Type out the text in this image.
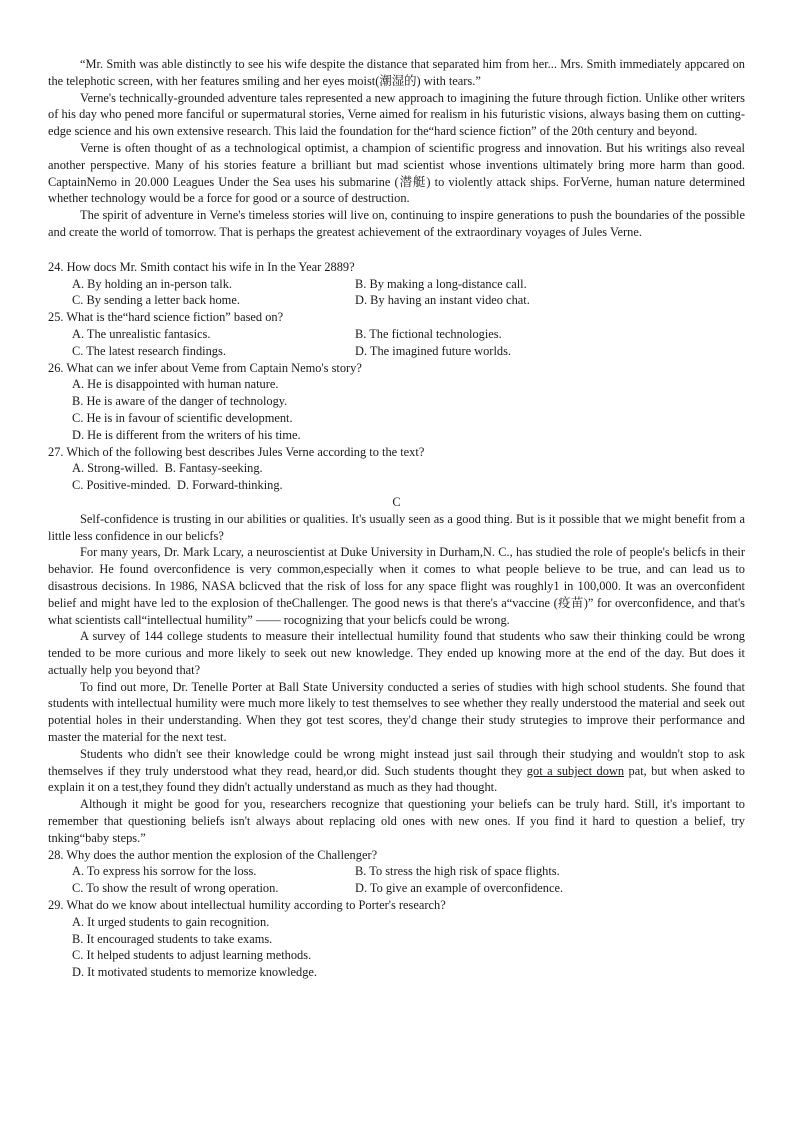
“Mr. Smith was able distinctly to see his wife despite the distance that separated him from her... Mrs. Smith immediately appcared on the telephotic screen, with her features smiling and her eyes moist(潮湿的) with tears.”

Verne's technically-grounded adventure tales represented a new approach to imagining the future through fiction. Unlike other writers of his day who pened more fanciful or supermatural stories, Verne aimed for realism in his futuristic visions, always basing them on cutting-edge science and his own extensive research. This laid the foundation for the“hard science fiction” of the 20th century and beyond.

Verne is often thought of as a technological optimist, a champion of scientific progress and innovation. But his writings also reveal another perspective. Many of his stories feature a brilliant but mad scientist whose inventions ultimately bring more harm than good. CaptainNemo in 20.000 Leagues Under the Sea uses his submarine (潜艇) to violently attack ships. ForVerne, human nature determined whether technology would be a force for good or a source of destruction.

The spirit of adventure in Verne's timeless stories will live on, continuing to inspire generations to push the boundaries of the possible and create the world of tomorrow. That is perhaps the greatest achievement of the extraordinary voyages of Jules Verne.

24. How docs Mr. Smith contact his wife in In the Year 2889?

A. By holding an in-person talk.	B. By making a long-distance call.
C. By sending a letter back home.	D. By having an instant video chat.

25. What is the“hard science fiction” based on?

A. The unrealistic fantasics.	B. The fictional technologies.
C. The latest research findings.	D. The imagined future worlds.

26. What can we infer about Veme from Captain Nemo's story?

A. He is disappointed with human nature.
B. He is aware of the danger of technology.
C. He is in favour of scientific development.
D. He is different from the writers of his time.

27. Which of the following best describes Jules Verne according to the text?

A. Strong-willed.  B. Fantasy-seeking.
C. Positive-minded.  D. Forward-thinking.

C

Self-confidence is trusting in our abilities or qualities. It's usually seen as a good thing. But is it possible that we might benefit from a little less confidence in our belicfs?

For many years, Dr. Mark Lcary, a neuroscientist at Duke University in Durham,N. C., has studied the role of people's belicfs in their behavior. He found overconfidence is very common,especially when it comes to what people believe to be true, and can lead us to disastrous decisions. In 1986, NASA bclicved that the risk of loss for any space flight was roughly1 in 100,000. It was an overconfident belief and might have led to the explosion of theChallenger. The good news is that there's a“vaccine (疫苗)” for overconfidence, and that's what scientists call“intellectual humility” —— rocognizing that your belicfs could be wrong.

A survey of 144 college students to measure their intellectual humility found that students who saw their thinking could be wrong tended to be more curious and more likely to seek out new knowledge. They ended up knowing more at the end of the day. But does it actually help you beyond that?

To find out more, Dr. Tenelle Porter at Ball State University conducted a series of studies with high school students. She found that students with intellectual humility were much more likely to test themselves to see whether they really understood the material and seek out potential holes in their understanding. When they got test scores, they'd change their study strutegies to improve their performance and master the material for the next test.

Students who didn't see their knowledge could be wrong might instead just sail through their studying and wouldn't stop to ask themselves if they truly understood what they read, heard,or did. Such students thought they got a subject down pat, but when asked to explain it on a test,they found they didn't actually understand as much as they had thought.

Although it might be good for you, researchers recognize that questioning your beliefs can be truly hard. Still, it's important to remember that questioning beliefs isn't always about replacing old ones with new ones. If you find it hard to question a belief, try tnking“baby steps.”

28. Why does the author mention the explosion of the Challenger?

A. To express his sorrow for the loss.	B. To stress the high risk of space flights.
C. To show the result of wrong operation.	D. To give an example of overconfidence.

29. What do we know about intellectual humility according to Porter's research?

A. It urged students to gain recognition.
B. It encouraged students to take exams.
C. It helped students to adjust learning methods.
D. It motivated students to memorize knowledge.
